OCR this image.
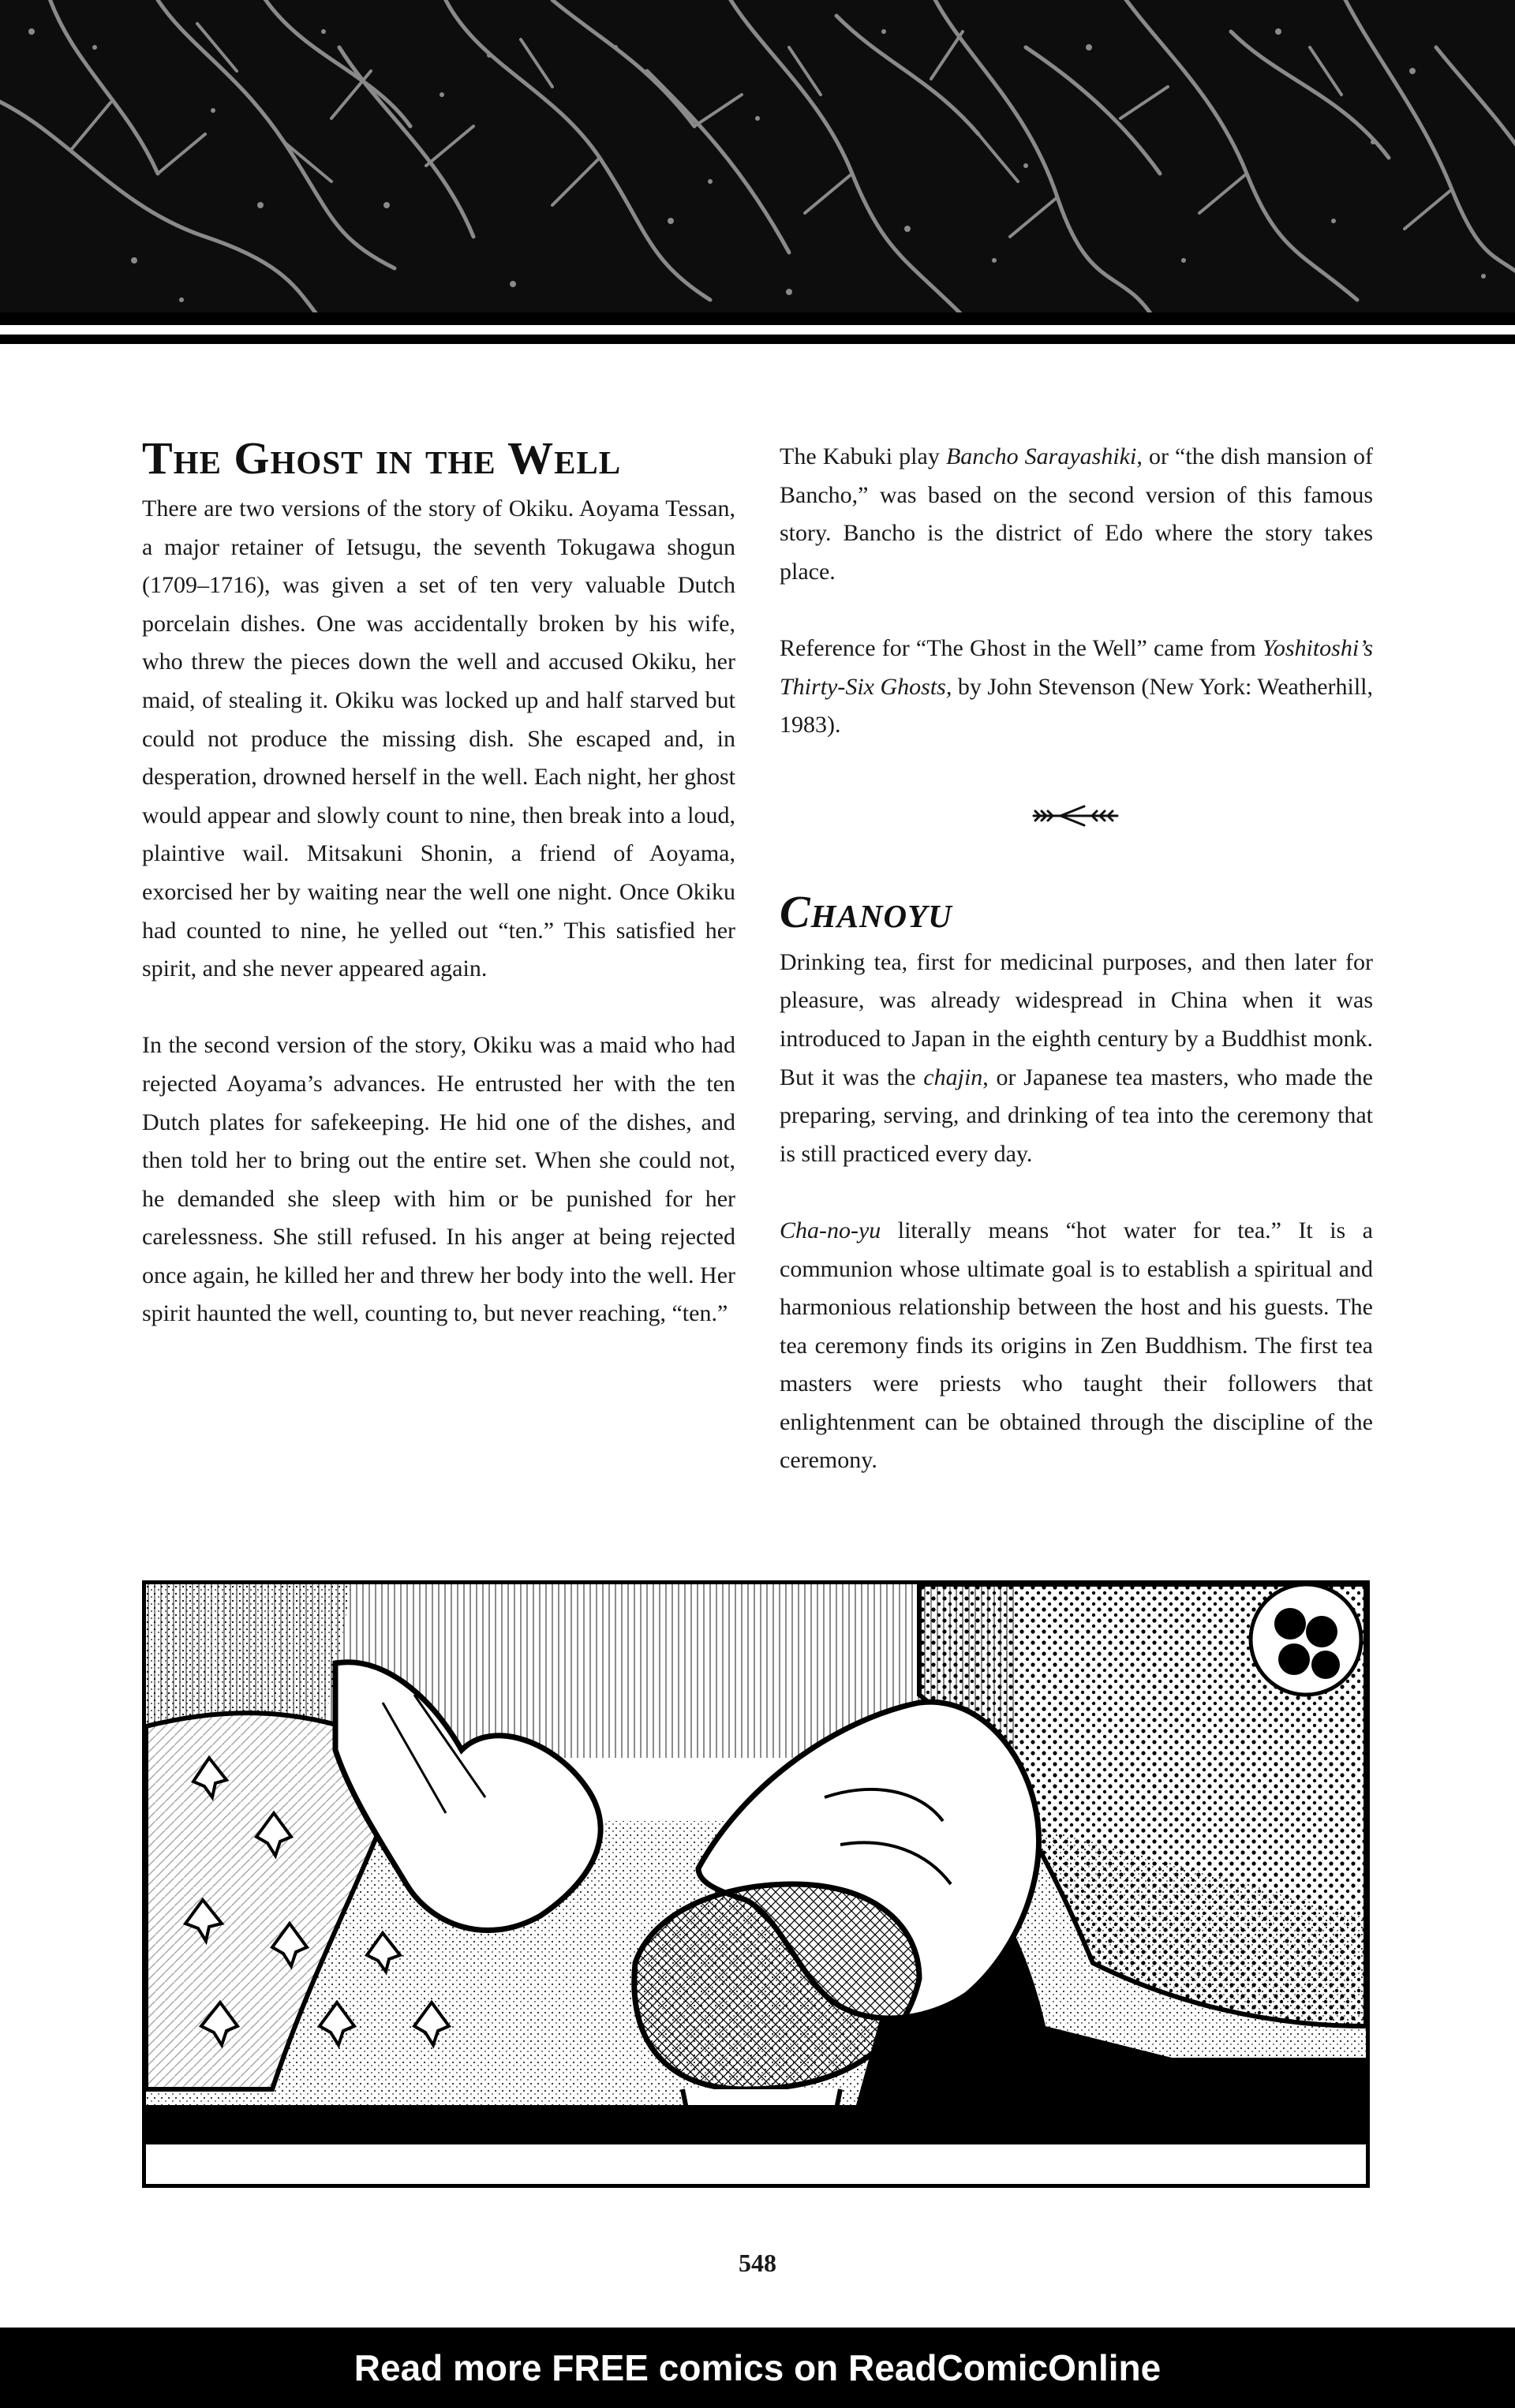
The Ghost in the Well

There are two versions of the story of Okiku. Aoyama Tessan, a major retainer of Ietsugu, the seventh Tokugawa shogun (1709–1716), was given a set of ten very valuable Dutch porcelain dishes. One was accidentally broken by his wife, who threw the pieces down the well and accused Okiku, her maid, of stealing it. Okiku was locked up and half starved but could not produce the missing dish. She escaped and, in desperation, drowned herself in the well. Each night, her ghost would appear and slowly count to nine, then break into a loud, plaintive wail. Mitsakuni Shonin, a friend of Aoyama, exorcised her by waiting near the well one night. Once Okiku had counted to nine, he yelled out “ten.” This satisfied her spirit, and she never appeared again.

In the second version of the story, Okiku was a maid who had rejected Aoyama’s advances. He entrusted her with the ten Dutch plates for safekeeping. He hid one of the dishes, and then told her to bring out the entire set. When she could not, he demanded she sleep with him or be punished for her carelessness. She still refused. In his anger at being rejected once again, he killed her and threw her body into the well. Her spirit haunted the well, counting to, but never reaching, “ten.”

The Kabuki play Bancho Sarayashiki, or “the dish mansion of Bancho,” was based on the second version of this famous story. Bancho is the district of Edo where the story takes place.

Reference for “The Ghost in the Well” came from Yoshitoshi’s Thirty-Six Ghosts, by John Stevenson (New York: Weatherhill, 1983).

Chanoyu

Drinking tea, first for medicinal purposes, and then later for pleasure, was already widespread in China when it was introduced to Japan in the eighth century by a Buddhist monk. But it was the chajin, or Japanese tea masters, who made the preparing, serving, and drinking of tea into the ceremony that is still practiced every day.

Cha-no-yu literally means “hot water for tea.” It is a communion whose ultimate goal is to establish a spiritual and harmonious relationship between the host and his guests. The tea ceremony finds its origins in Zen Buddhism. The first tea masters were priests who taught their followers that enlightenment can be obtained through the discipline of the ceremony.

548
Read more FREE comics on ReadComicOnline
